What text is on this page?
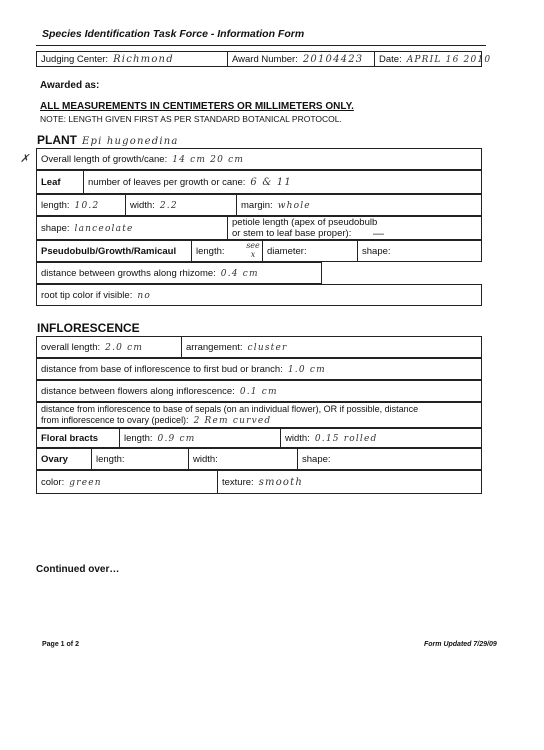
Species Identification Task Force - Information Form
Judging Center: Richmond	Award Number: 20104423	Date: APRIL 16 2010
Awarded as:
ALL MEASUREMENTS IN CENTIMETERS OR MILLIMETERS ONLY.
NOTE: LENGTH GIVEN FIRST AS PER STANDARD BOTANICAL PROTOCOL.
PLANT Epi hugonedina
✗ Overall length of growth/cane: 14 cm 20 cm
Leaf	number of leaves per growth or cane: 6 & 11
length: 10.2	width: 2.2	margin: whole
shape: lanceolate	
petiole length (apex of pseudobulb
or stem to leaf base proper):	—
Pseudobulb/Growth/Ramicaul	length:	diameter:	shape:
see x
distance between growths along rhizome: 0.4 cm	
root tip color if visible: no
INFLORESCENCE
overall length: 2.0 cm	arrangement: cluster
distance from base of inflorescence to first bud or branch: 1.0 cm
distance between flowers along inflorescence: 0.1 cm
distance from inflorescence to base of sepals (on an individual flower), OR if possible, distance
from inflorescence to ovary (pedicel): 2 Rem curved
Floral bracts	length: 0.9 cm	width: 0.15 rolled
Ovary	length:	width:	shape:
color: green	texture: smooth
Continued over…
Page 1 of 2	Form Updated 7/29/09
